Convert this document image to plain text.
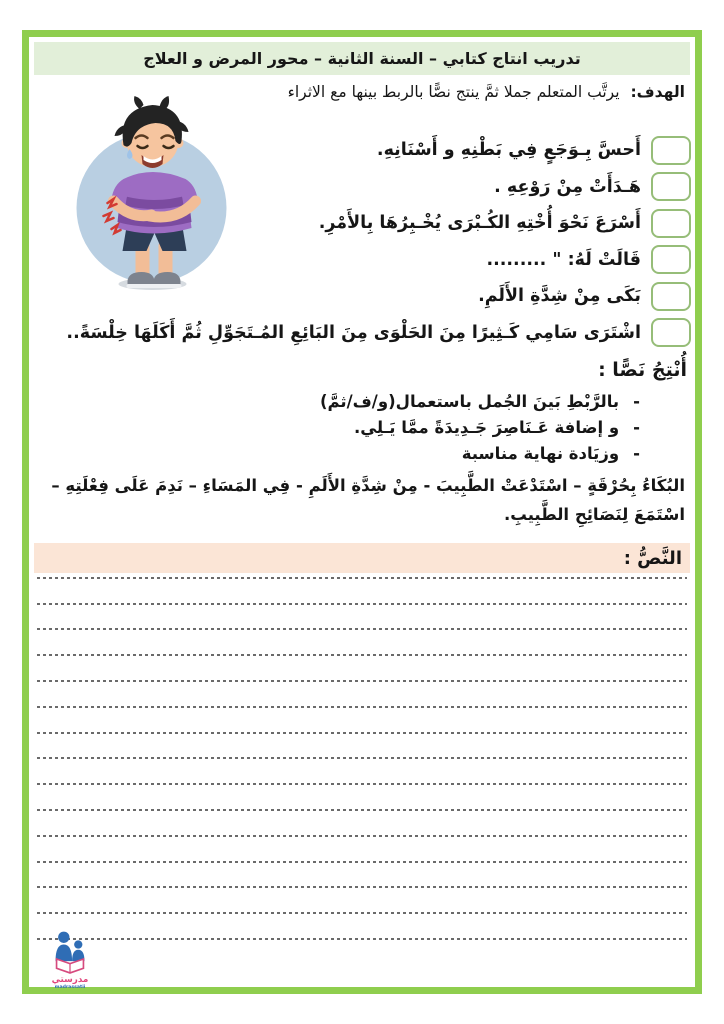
تدريب انتاج كتابي – السنة الثانية – محور المرض و العلاج
الهدف: يرتَّب المتعلم جملا ثمَّ ينتج نصًّا بالربط بينها مع الاثراء
أَحسَّ بِـوَجَعٍ فِي بَطْنِهِ و أَسْنَانِهِ.
هَـدَأَتْ مِنْ رَوْعِهِ .
أَسْرَعَ نَحْوَ أُخْتِهِ الكُـبْرَى يُخْـبِرُهَا بِالأَمْرِ.
قَالَتْ لَهُ: " .........
بَكَى مِنْ شِدَّةِ الأَلَمِ.
اشْتَرَى سَامِي كَـثِيرًا مِنَ الحَلْوَى مِنَ البَائِعِ المُـتَجَوِّلِ ثُمَّ أَكَلَهَا خِلْسَةً..
أُنْتِجُ نَصًّا :
-
بالرَّبْطِ بَينَ الجُمل باستعمال(و/ف/ثمَّ)
-
و إضافة عَـنَاصِرَ جَـدِيدَةً ممَّا يَـلِي.
-
وزيَادة نهاية مناسبة
البُكَاءُ بِحُرْقَةٍ – اسْتَدْعَتْ الطَّبِيبَ - مِنْ شِدَّةِ الأَلَمِ - فِي المَسَاءِ – نَدِمَ عَلَى فِعْلَتِهِ – اسْتَمَعَ لِنَصَائِحِ الطَّبِيبِ.
النَّصُّ :
مدرستي
madrassatii
